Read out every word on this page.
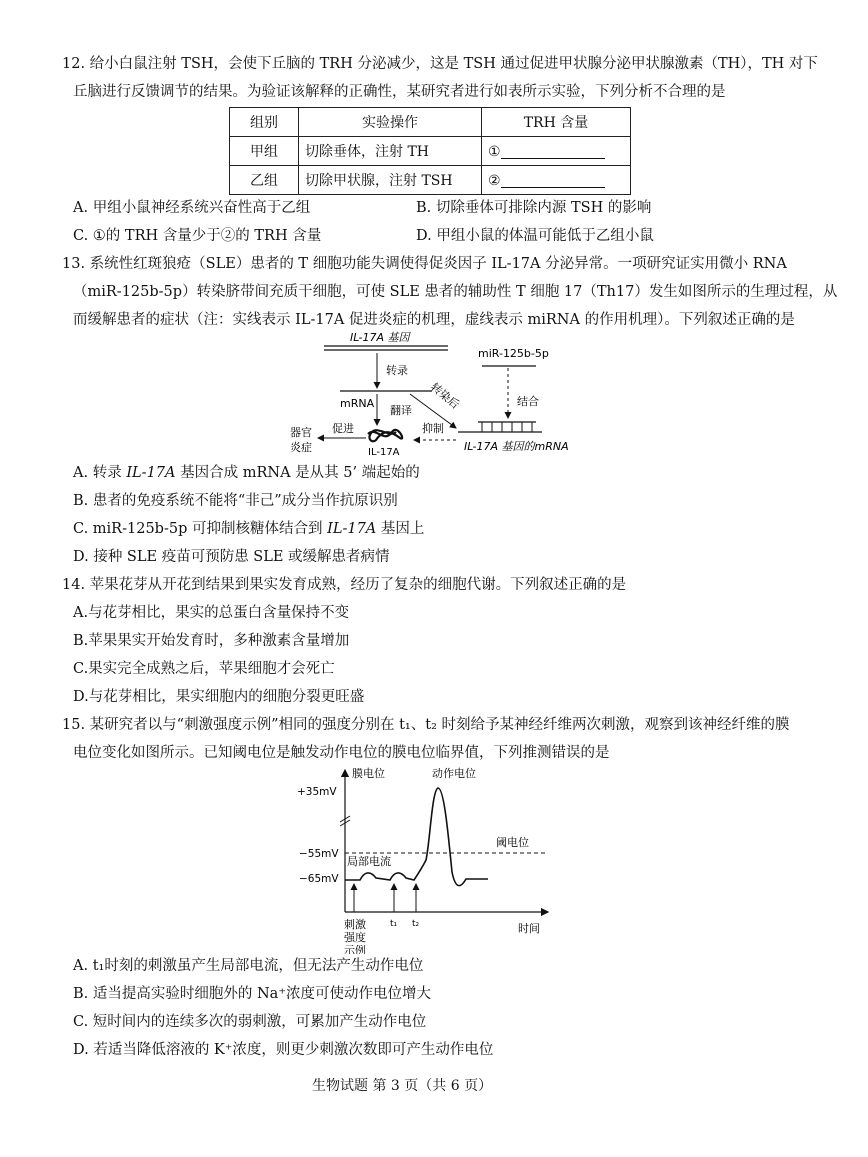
12. 给小白鼠注射 TSH，会使下丘脑的 TRH 分泌减少，这是 TSH 通过促进甲状腺分泌甲状腺激素（TH），TH 对下
丘脑进行反馈调节的结果。为验证该解释的正确性，某研究者进行如表所示实验，下列分析不合理的是
组别	实验操作	TRH 含量
甲组	切除垂体，注射 TH	①
乙组	切除甲状腺，注射 TSH	②
A. 甲组小鼠神经系统兴奋性高于乙组	B. 切除垂体可排除内源 TSH 的影响
C. ①的 TRH 含量少于②的 TRH 含量	D. 甲组小鼠的体温可能低于乙组小鼠
13. 系统性红斑狼疮（SLE）患者的 T 细胞功能失调使得促炎因子 IL-17A 分泌异常。一项研究证实用微小 RNA
（miR-125b-5p）转染脐带间充质干细胞，可使 SLE 患者的辅助性 T 细胞 17（Th17）发生如图所示的生理过程，从
而缓解患者的症状（注：实线表示 IL-17A 促进炎症的机理，虚线表示 miRNA 的作用机理）。下列叙述正确的是
IL-17A 基因
miR-125b-5p
结合
转录
mRNA	转染后
翻译
IL-17A 基因的mRNA
抑制
IL-17A
促进
器官
炎症
A. 转录 IL-17A 基因合成 mRNA 是从其 5’ 端起始的
B. 患者的免疫系统不能将“非己”成分当作抗原识别
C. miR-125b-5p 可抑制核糖体结合到 IL-17A 基因上
D. 接种 SLE 疫苗可预防患 SLE 或缓解患者病情
14. 苹果花芽从开花到结果到果实发育成熟，经历了复杂的细胞代谢。下列叙述正确的是
A.与花芽相比，果实的总蛋白含量保持不变
B.苹果果实开始发育时，多种激素含量增加
C.果实完全成熟之后，苹果细胞才会死亡
D.与花芽相比，果实细胞内的细胞分裂更旺盛
15. 某研究者以与“刺激强度示例”相同的强度分别在 t₁、t₂ 时刻给予某神经纤维两次刺激，观察到该神经纤维的膜
电位变化如图所示。已知阈电位是触发动作电位的膜电位临界值，下列推测错误的是
膜电位
时间
+35mV
−55mV
−65mV
阈电位
动作电位
局部电流
刺激
强度
示例
t₁ t₂
A. t₁时刻的刺激虽产生局部电流，但无法产生动作电位
B. 适当提高实验时细胞外的 Na⁺浓度可使动作电位增大
C. 短时间内的连续多次的弱刺激，可累加产生动作电位
D. 若适当降低溶液的 K⁺浓度，则更少刺激次数即可产生动作电位
生物试题 第 3 页（共 6 页）
